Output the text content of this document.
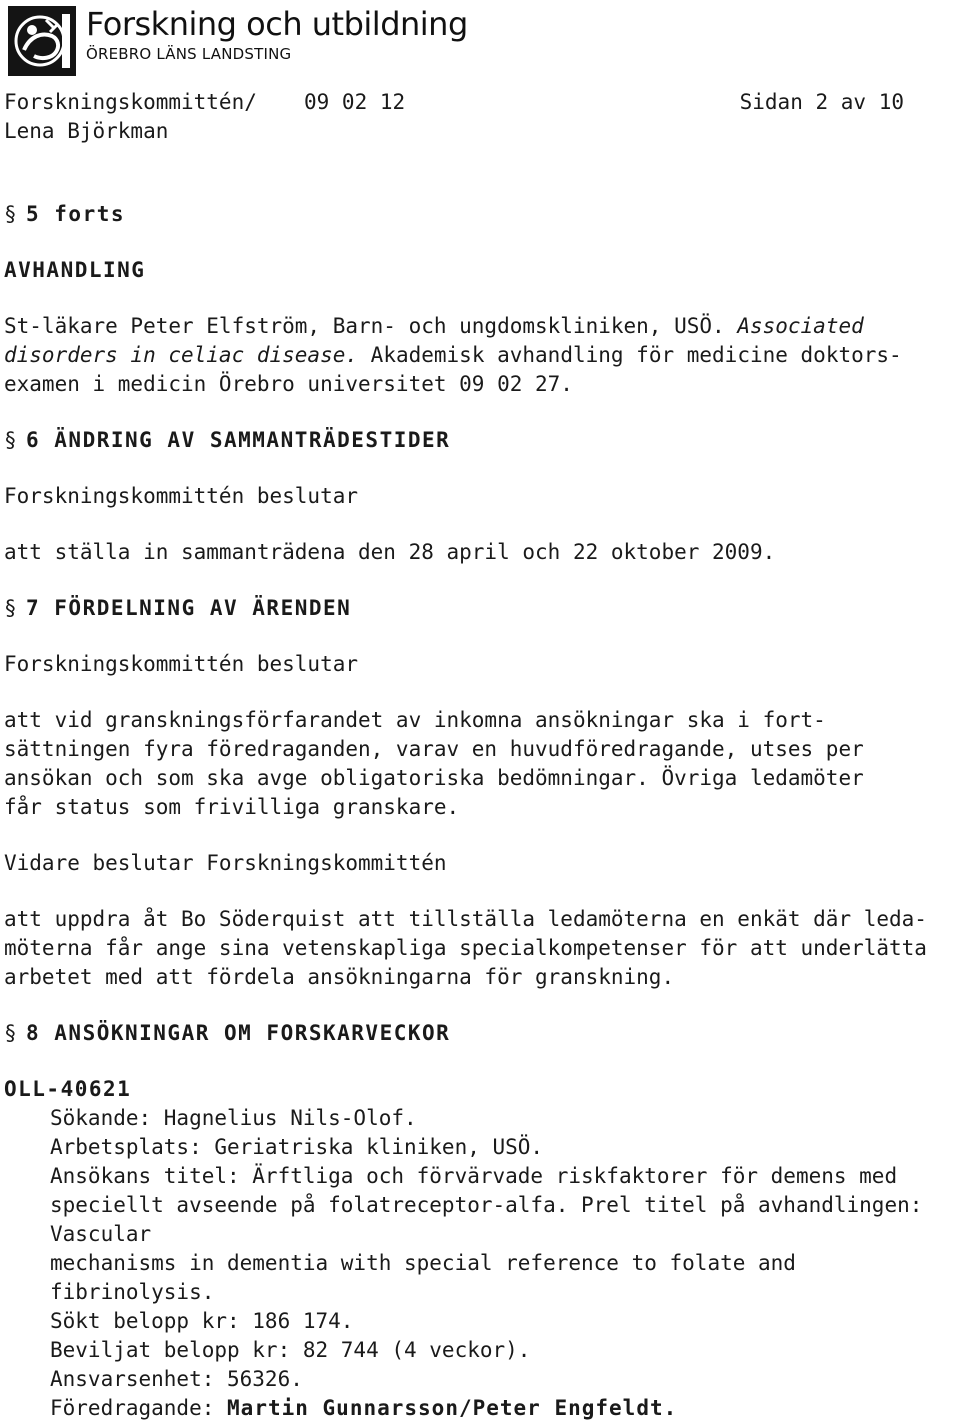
Forskning och utbildning
ÖREBRO LÄNS LANDSTING
Forskningskommittén/ 09 02 12	Sidan 2 av 10
Lena Björkman
§ 5 forts
AVHANDLING
St-läkare Peter Elfström, Barn- och ungdomskliniken, USÖ. Associated
disorders in celiac disease. Akademisk avhandling för medicine doktors-
examen i medicin Örebro universitet 09 02 27.
§ 6 ÄNDRING AV SAMMANTRÄDESTIDER
Forskningskommittén beslutar
att ställa in sammanträdena den 28 april och 22 oktober 2009.
§ 7 FÖRDELNING AV ÄRENDEN
Forskningskommittén beslutar
att vid granskningsförfarandet av inkomna ansökningar ska i fort-
sättningen fyra föredraganden, varav en huvudföredragande, utses per
ansökan och som ska avge obligatoriska bedömningar. Övriga ledamöter
får status som frivilliga granskare.
Vidare beslutar Forskningskommittén
att uppdra åt Bo Söderquist att tillställa ledamöterna en enkät där leda-
möterna får ange sina vetenskapliga specialkompetenser för att underlätta
arbetet med att fördela ansökningarna för granskning.
§ 8 ANSÖKNINGAR OM FORSKARVECKOR
OLL-40621
Sökande: Hagnelius Nils-Olof.
Arbetsplats: Geriatriska kliniken, USÖ.
Ansökans titel: Ärftliga och förvärvade riskfaktorer för demens med
speciellt avseende på folatreceptor-alfa. Prel titel på avhandlingen: Vascular
mechanisms in dementia with special reference to folate and fibrinolysis.
Sökt belopp kr: 186 174.
Beviljat belopp kr: 82 744 (4 veckor).
Ansvarsenhet: 56326.
Föredragande: Martin Gunnarsson/Peter Engfeldt.
